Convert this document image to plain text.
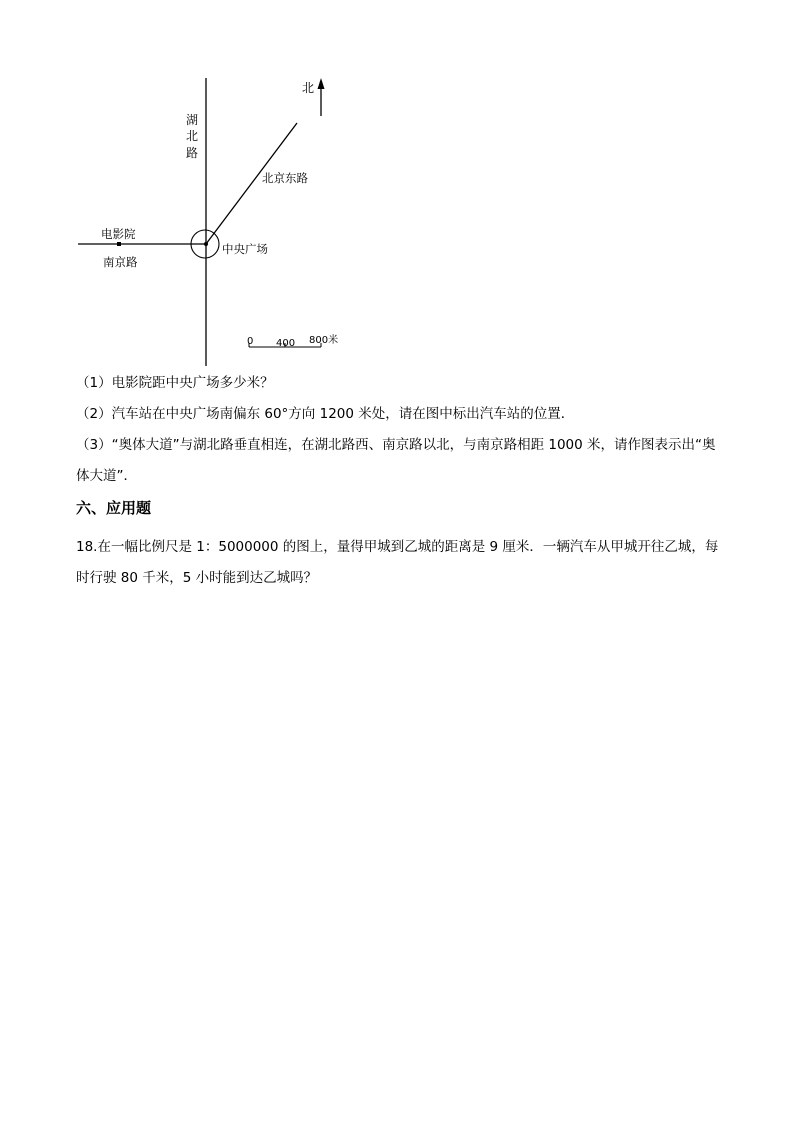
北
湖
北
路
北京东路
电影院
南京路
中央广场
0 400 800米

（1）电影院距中央广场多少米？

（2）汽车站在中央广场南偏东 60°方向 1200 米处，请在图中标出汽车站的位置．

（3）“奥体大道”与湖北路垂直相连，在湖北路西、南京路以北，与南京路相距 1000 米，请作图表示出“奥体大道”．

六、应用题

18.在一幅比例尺是 1：5000000 的图上，量得甲城到乙城的距离是 9 厘米．一辆汽车从甲城开往乙城，每时行驶 80 千米，5 小时能到达乙城吗？
